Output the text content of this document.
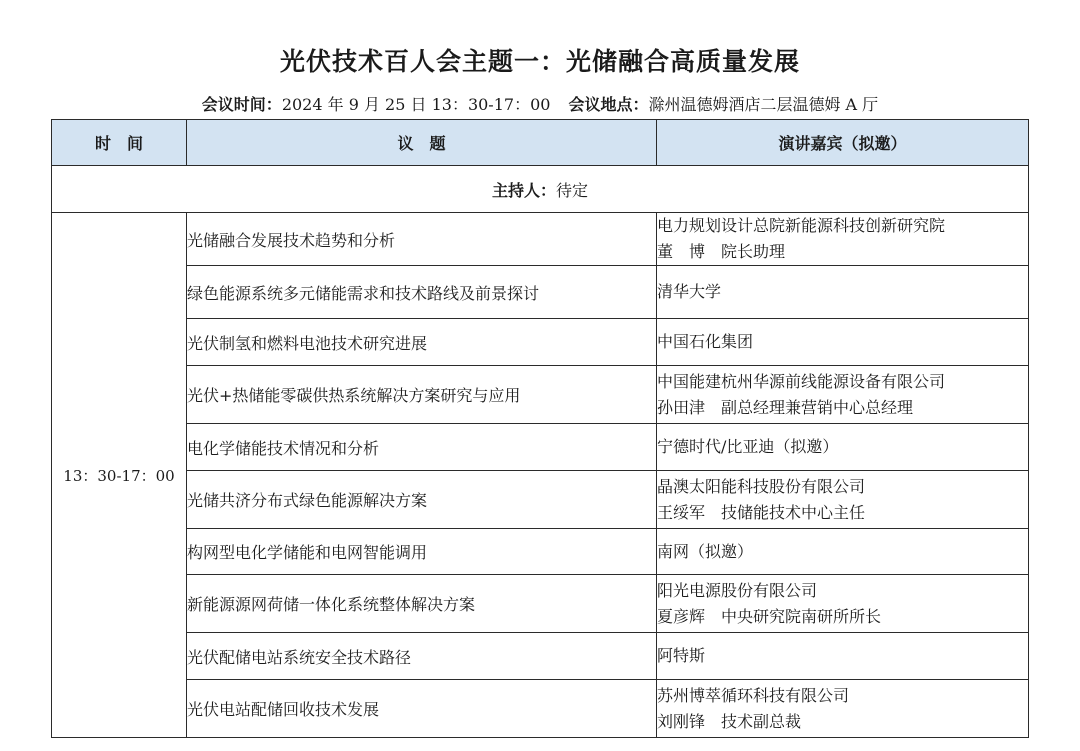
光伏技术百人会主题一：光储融合高质量发展
会议时间：2024 年 9 月 25 日 13：30-17：00 会议地点：滁州温德姆酒店二层温德姆 A 厅
时　间	议　题	演讲嘉宾（拟邀）
主持人：待定		
13：30-17：00	光储融合发展技术趋势和分析	电力规划设计总院新能源科技创新研究院
董　博　院长助理

	绿色能源系统多元储能需求和技术路线及前景探讨	清华大学

	光伏制氢和燃料电池技术研究进展	中国石化集团

	光伏+热储能零碳供热系统解决方案研究与应用	中国能建杭州华源前线能源设备有限公司
孙田津　副总经理兼营销中心总经理

	电化学储能技术情况和分析	宁德时代/比亚迪（拟邀）

	光储共济分布式绿色能源解决方案	晶澳太阳能科技股份有限公司
王绥军　技储能技术中心主任

	构网型电化学储能和电网智能调用	南网（拟邀）

	新能源源网荷储一体化系统整体解决方案	阳光电源股份有限公司
夏彦辉　中央研究院南研所所长

	光伏配储电站系统安全技术路径	阿特斯

	光伏电站配储回收技术发展	苏州博萃循环科技有限公司
刘刚锋　技术副总裁
